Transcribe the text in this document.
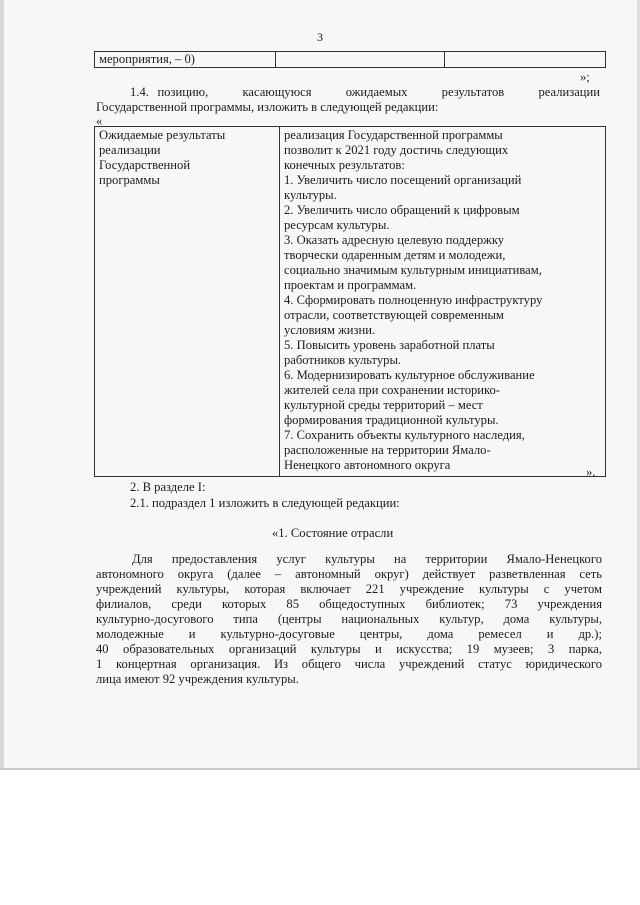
3
мероприятия, – 0)		
»;
1.4. позицию,    касающуюся    ожидаемых    результатов    реализации
Государственной программы, изложить в следующей редакции:
«
Ожидаемые результаты
реализации
Государственной
программы

реализация Государственной программы
позволит к 2021 году достичь следующих
конечных результатов:
1. Увеличить число посещений организаций
культуры.
2. Увеличить число обращений к цифровым
ресурсам культуры.
3. Оказать адресную целевую поддержку
творчески одаренным детям и молодежи,
социально значимым культурным инициативам,
проектам и программам.
4. Сформировать полноценную инфраструктуру
отрасли, соответствующей современным
условиям жизни.
5. Повысить уровень заработной платы
работников культуры.
6. Модернизировать культурное обслуживание
жителей села при сохранении историко-
культурной среды территорий – мест
формирования традиционной культуры.
7. Сохранить объекты культурного наследия,
расположенные на территории Ямало-
Ненецкого автономного округа	».
2. В разделе I:
2.1. подраздел 1 изложить в следующей редакции:
«1. Состояние отрасли

Для предоставления услуг культуры на территории Ямало-Ненецкого

автономного округа (далее – автономный округ) действует разветвленная сеть

учреждений культуры, которая включает 221 учреждение культуры с учетом

филиалов, среди которых 85 общедоступных библиотек; 73 учреждения

культурно-досугового типа (центры национальных культур, дома культуры,

молодежные   и   культурно-досуговые   центры,   дома   ремесел   и   др.);

40 образовательных организаций культуры и искусства; 19 музеев; 3 парка,

1 концертная организация. Из общего числа учреждений статус юридического

лица имеют 92 учреждения культуры.
